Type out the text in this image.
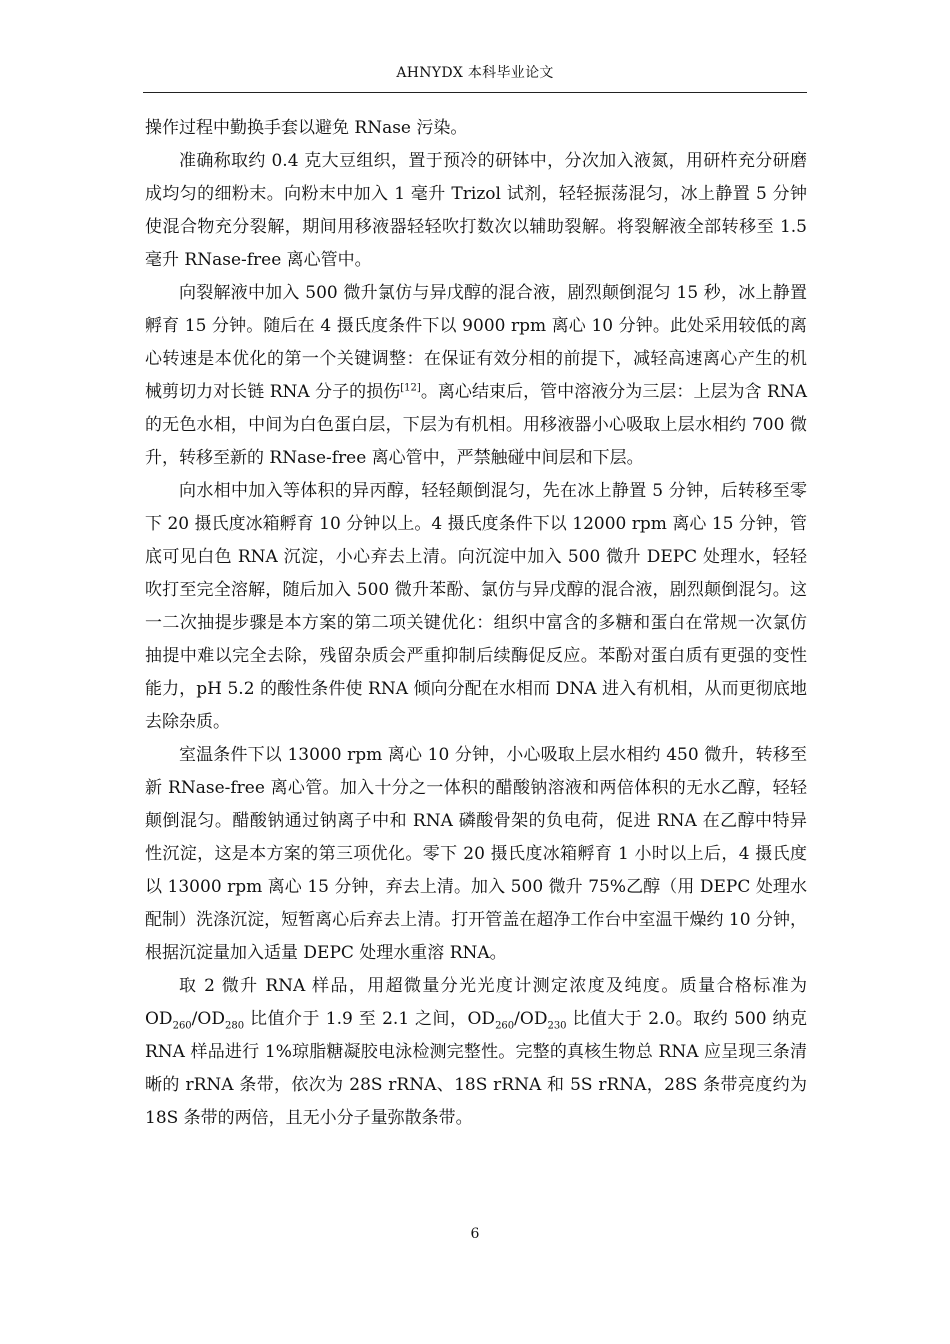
AHNYDX 本科毕业论文

操作过程中勤换手套以避免 RNase 污染。

准确称取约 0.4 克大豆组织，置于预冷的研钵中，分次加入液氮，用研杵充分研磨成均匀的细粉末。向粉末中加入 1 毫升 Trizol 试剂，轻轻振荡混匀，冰上静置 5 分钟使混合物充分裂解，期间用移液器轻轻吹打数次以辅助裂解。将裂解液全部转移至 1.5 毫升 RNase-free 离心管中。

向裂解液中加入 500 微升氯仿与异戊醇的混合液，剧烈颠倒混匀 15 秒，冰上静置孵育 15 分钟。随后在 4 摄氏度条件下以 9000 rpm 离心 10 分钟。此处采用较低的离心转速是本优化的第一个关键调整：在保证有效分相的前提下，减轻高速离心产生的机械剪切力对长链 RNA 分子的损伤[12]。离心结束后，管中溶液分为三层：上层为含 RNA 的无色水相，中间为白色蛋白层，下层为有机相。用移液器小心吸取上层水相约 700 微升，转移至新的 RNase-free 离心管中，严禁触碰中间层和下层。

向水相中加入等体积的异丙醇，轻轻颠倒混匀，先在冰上静置 5 分钟，后转移至零下 20 摄氏度冰箱孵育 10 分钟以上。4 摄氏度条件下以 12000 rpm 离心 15 分钟，管底可见白色 RNA 沉淀，小心弃去上清。向沉淀中加入 500 微升 DEPC 处理水，轻轻吹打至完全溶解，随后加入 500 微升苯酚、氯仿与异戊醇的混合液，剧烈颠倒混匀。这一二次抽提步骤是本方案的第二项关键优化：组织中富含的多糖和蛋白在常规一次氯仿抽提中难以完全去除，残留杂质会严重抑制后续酶促反应。苯酚对蛋白质有更强的变性能力，pH 5.2 的酸性条件使 RNA 倾向分配在水相而 DNA 进入有机相，从而更彻底地去除杂质。

室温条件下以 13000 rpm 离心 10 分钟，小心吸取上层水相约 450 微升，转移至新 RNase-free 离心管。加入十分之一体积的醋酸钠溶液和两倍体积的无水乙醇，轻轻颠倒混匀。醋酸钠通过钠离子中和 RNA 磷酸骨架的负电荷，促进 RNA 在乙醇中特异性沉淀，这是本方案的第三项优化。零下 20 摄氏度冰箱孵育 1 小时以上后，4 摄氏度以 13000 rpm 离心 15 分钟，弃去上清。加入 500 微升 75%乙醇（用 DEPC 处理水配制）洗涤沉淀，短暂离心后弃去上清。打开管盖在超净工作台中室温干燥约 10 分钟，根据沉淀量加入适量 DEPC 处理水重溶 RNA。

取 2 微升 RNA 样品，用超微量分光光度计测定浓度及纯度。质量合格标准为 $OD_{260}/OD_{280}$ 比值介于 1.9 至 2.1 之间，$OD_{260}/OD_{230}$ 比值大于 2.0。取约 500 纳克 RNA 样品进行 1%琼脂糖凝胶电泳检测完整性。完整的真核生物总 RNA 应呈现三条清晰的 rRNA 条带，依次为 28S rRNA、18S rRNA 和 5S rRNA，28S 条带亮度约为 18S 条带的两倍，且无小分子量弥散条带。

6
